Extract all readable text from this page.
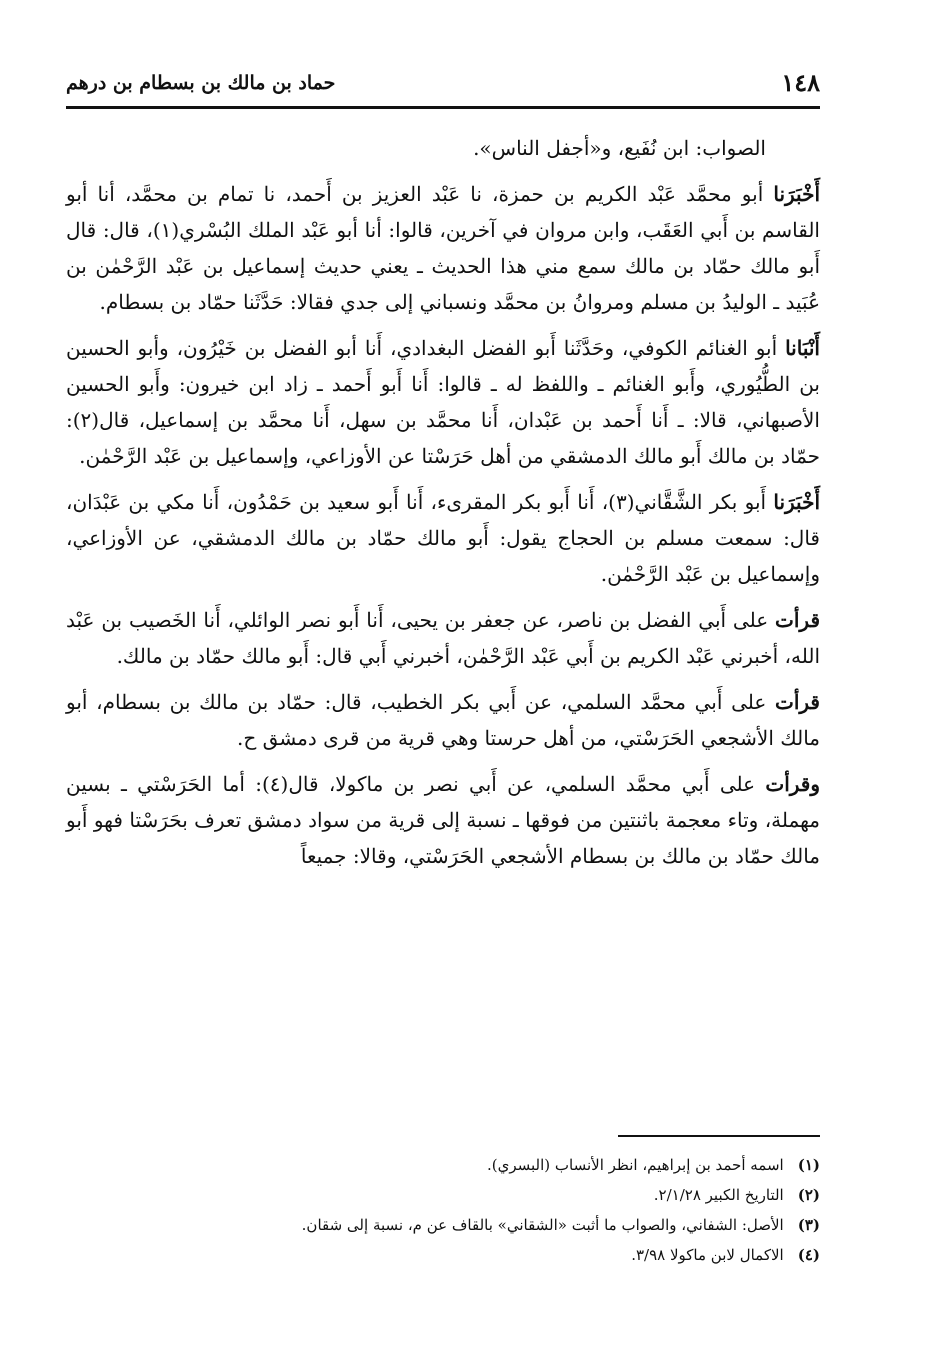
١٤٨
حماد بن مالك بن بسطام بن درهم

الصواب: ابن نُفَيع، و«أجفل الناس».

أَخْبَرَنا أبو محمَّد عَبْد الكريم بن حمزة، نا عَبْد العزيز بن أَحمد، نا تمام بن محمَّد، أنا أبو القاسم بن أَبي العَقَب، وابن مروان في آخرين، قالوا: أنا أبو عَبْد الملك البُسْري(١)، قال: قال أَبو مالك حمّاد بن مالك سمع مني هذا الحديث ـ يعني حديث إسماعيل بن عَبْد الرَّحْمٰن بن عُبَيد ـ الوليدُ بن مسلم ومروانُ بن محمَّد ونسباني إلى جدي فقالا: حَدَّثَنا حمّاد بن بسطام.

أَنْبَانا أبو الغنائم الكوفي، وحَدَّثَنا أَبو الفضل البغدادي، أَنا أبو الفضل بن خَيْرُون، وأبو الحسين بن الطُّيُوري، وأَبو الغنائم ـ واللفظ له ـ قالوا: أَنا أَبو أَحمد ـ زاد ابن خيرون: وأَبو الحسين الأصبهاني، قالا: ـ أَنا أَحمد بن عَبْدان، أَنا محمَّد بن سهل، أَنا محمَّد بن إسماعيل، قال(٢): حمّاد بن مالك أَبو مالك الدمشقي من أهل حَرَسْتا عن الأوزاعي، وإسماعيل بن عَبْد الرَّحْمٰن.

أَخْبَرَنا أَبو بكر الشَّقَّاني(٣)، أَنا أَبو بكر المقرىء، أَنا أَبو سعيد بن حَمْدُون، أَنا مكي بن عَبْدَان، قال: سمعت مسلم بن الحجاج يقول: أَبو مالك حمّاد بن مالك الدمشقي، عن الأوزاعي، وإسماعيل بن عَبْد الرَّحْمٰن.

قرأت على أَبي الفضل بن ناصر، عن جعفر بن يحيى، أَنا أَبو نصر الوائلي، أَنا الخَصيب بن عَبْد الله، أخبرني عَبْد الكريم بن أَبي عَبْد الرَّحْمٰن، أخبرني أَبي قال: أَبو مالك حمّاد بن مالك.

قرأت على أَبي محمَّد السلمي، عن أَبي بكر الخطيب، قال: حمّاد بن مالك بن بسطام، أبو مالك الأشجعي الحَرَسْتي، من أهل حرستا وهي قرية من قرى دمشق ح.

وقرأت على أَبي محمَّد السلمي، عن أَبي نصر بن ماكولا، قال(٤): أما الحَرَسْتي ـ بسين مهملة، وتاء معجمة باثنتين من فوقها ـ نسبة إلى قرية من سواد دمشق تعرف بحَرَسْتا فهو أَبو مالك حمّاد بن مالك بن بسطام الأشجعي الحَرَسْتي، وقالا: جميعاً

(١)
اسمه أحمد بن إبراهيم، انظر الأنساب (البسري).
(٢)
التاريخ الكبير ٢/١/٢٨.
(٣)
الأصل: الشفاني، والصواب ما أثبت «الشقاني» بالقاف عن م، نسبة إلى شقان.
(٤)
الاكمال لابن ماكولا ٣/٩٨.
